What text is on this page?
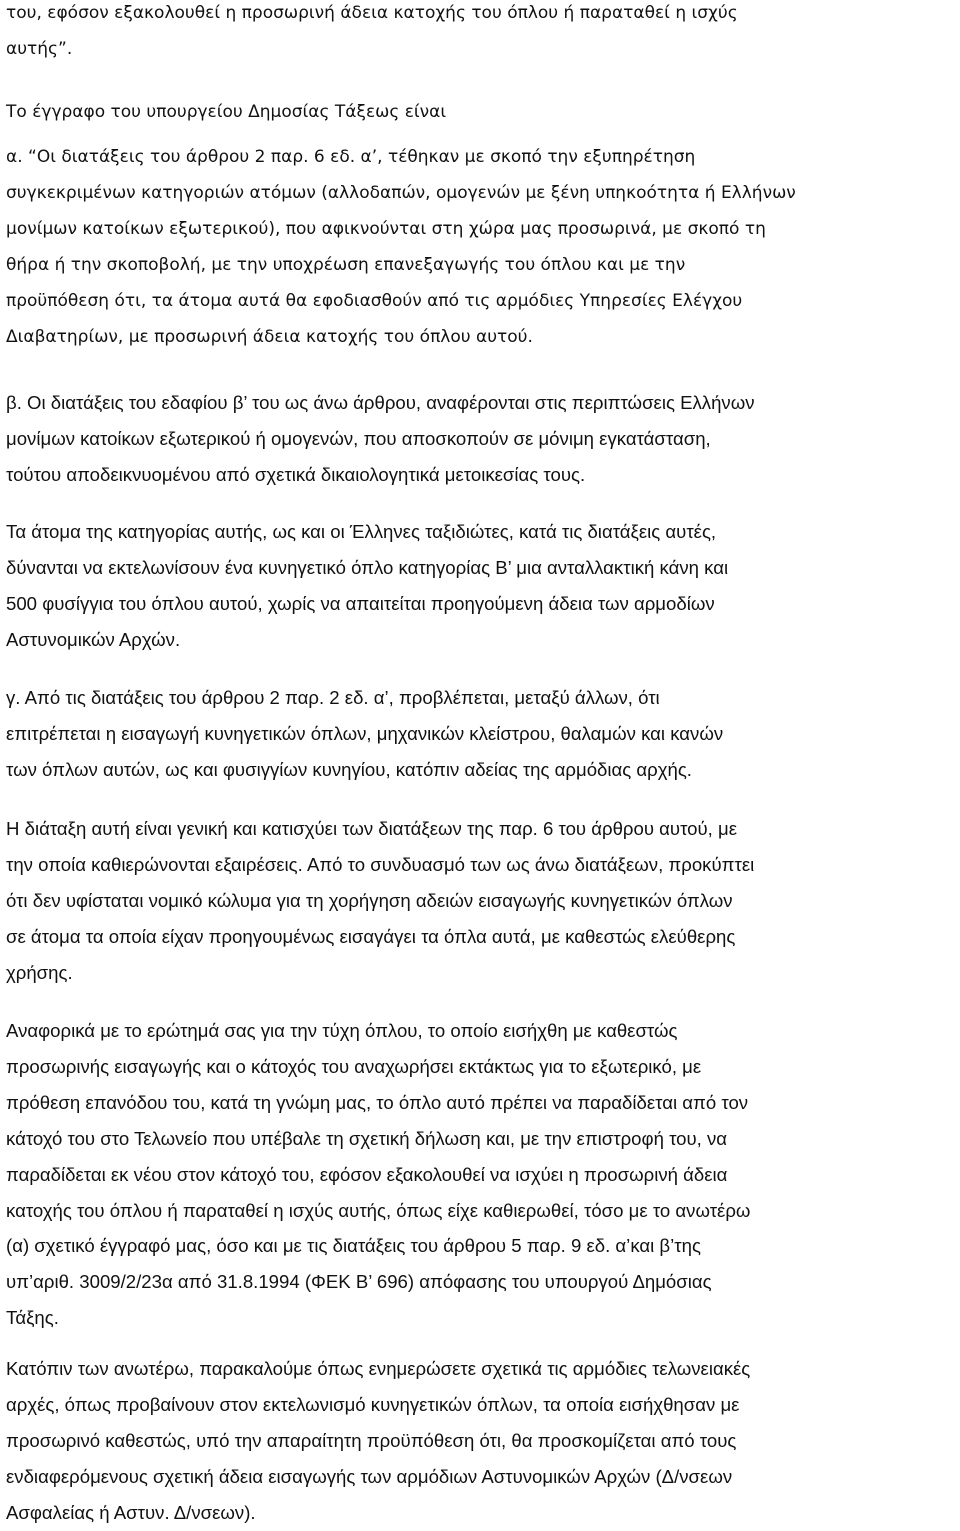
του, εφόσον εξακολουθεί η προσωρινή άδεια κατοχής του όπλου ή παραταθεί η ισχύς

αυτής”.

Το έγγραφο του υπουργείου Δημοσίας Τάξεως είναι

α. “Οι διατάξεις του άρθρου 2 παρ. 6 εδ. α’, τέθηκαν με σκοπό την εξυπηρέτηση

συγκεκριμένων κατηγοριών ατόμων (αλλοδαπών, ομογενών με ξένη υπηκοότητα ή Ελλήνων

μονίμων κατοίκων εξωτερικού), που αφικνούνται στη χώρα μας προσωρινά, με σκοπό τη

θήρα ή την σκοποβολή, με την υποχρέωση επανεξαγωγής του όπλου και με την

προϋπόθεση ότι, τα άτομα αυτά θα εφοδιασθούν από τις αρμόδιες Υπηρεσίες Ελέγχου

Διαβατηρίων, με προσωρινή άδεια κατοχής του όπλου αυτού.

β. Οι διατάξεις του εδαφίου β’ του ως άνω άρθρου, αναφέρονται στις περιπτώσεις Ελλήνων

μονίμων κατοίκων εξωτερικού ή ομογενών, που αποσκοπούν σε μόνιμη εγκατάσταση,

τούτου αποδεικνυομένου από σχετικά δικαιολογητικά μετοικεσίας τους.

Τα άτομα της κατηγορίας αυτής, ως και οι Έλληνες ταξιδιώτες, κατά τις διατάξεις αυτές,

δύνανται να εκτελωνίσουν ένα κυνηγετικό όπλο κατηγορίας Β’ μια ανταλλακτική κάνη και

500 φυσίγγια του όπλου αυτού, χωρίς να απαιτείται προηγούμενη άδεια των αρμοδίων

Αστυνομικών Αρχών.

γ. Από τις διατάξεις του άρθρου 2 παρ. 2 εδ. α’, προβλέπεται, μεταξύ άλλων, ότι

επιτρέπεται η εισαγωγή κυνηγετικών όπλων, μηχανικών κλείστρου, θαλαμών και κανών

των όπλων αυτών, ως και φυσιγγίων κυνηγίου, κατόπιν αδείας της αρμόδιας αρχής.

Η διάταξη αυτή είναι γενική και κατισχύει των διατάξεων της παρ. 6 του άρθρου αυτού, με

την οποία καθιερώνονται εξαιρέσεις. Από το συνδυασμό των ως άνω διατάξεων, προκύπτει

ότι δεν υφίσταται νομικό κώλυμα για τη χορήγηση αδειών εισαγωγής κυνηγετικών όπλων

σε άτομα τα οποία είχαν προηγουμένως εισαγάγει τα όπλα αυτά, με καθεστώς ελεύθερης

χρήσης.

Αναφορικά με το ερώτημά σας για την τύχη όπλου, το οποίο εισήχθη με καθεστώς

προσωρινής εισαγωγής και ο κάτοχός του αναχωρήσει εκτάκτως για το εξωτερικό, με

πρόθεση επανόδου του, κατά τη γνώμη μας, το όπλο αυτό πρέπει να παραδίδεται από τον

κάτοχό του στο Τελωνείο που υπέβαλε τη σχετική δήλωση και, με την επιστροφή του, να

παραδίδεται εκ νέου στον κάτοχό του, εφόσον εξακολουθεί να ισχύει η προσωρινή άδεια

κατοχής του όπλου ή παραταθεί η ισχύς αυτής, όπως είχε καθιερωθεί, τόσο με το ανωτέρω

(α) σχετικό έγγραφό μας, όσο και με τις διατάξεις του άρθρου 5 παρ. 9 εδ. α’και β’της

υπ’αριθ. 3009/2/23α από 31.8.1994 (ΦΕΚ Β’ 696) απόφασης του υπουργού Δημόσιας

Τάξης.

Κατόπιν των ανωτέρω, παρακαλούμε όπως ενημερώσετε σχετικά τις αρμόδιες τελωνειακές

αρχές, όπως προβαίνουν στον εκτελωνισμό κυνηγετικών όπλων, τα οποία εισήχθησαν με

προσωρινό καθεστώς, υπό την απαραίτητη προϋπόθεση ότι, θα προσκομίζεται από τους

ενδιαφερόμενους σχετική άδεια εισαγωγής των αρμόδιων Αστυνομικών Αρχών (Δ/νσεων

Ασφαλείας ή Αστυν. Δ/νσεων).
